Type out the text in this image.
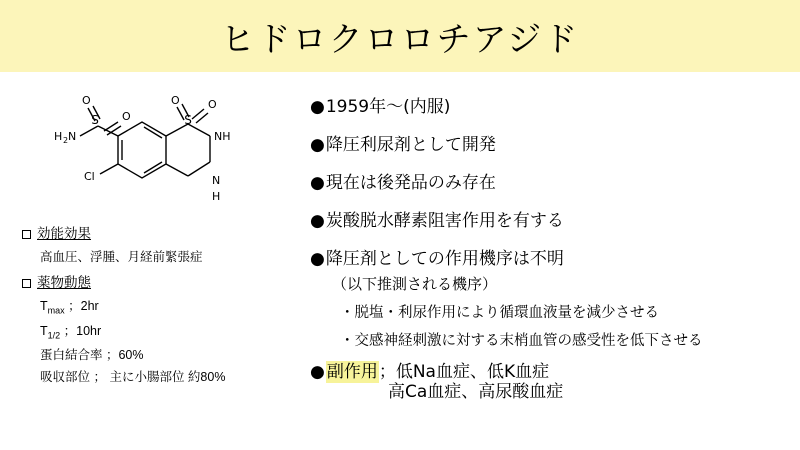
ヒドロクロロチアジド
H 2 N
S
O
O
Cl
S
O	O
NH
N
H
効能効果
高血圧、浮腫、月経前緊張症
薬物動態
$T_{max}$ ；2hr
$T_{1/2}$ ；10hr
蛋白結合率 ；60%
吸収部位 ； 主に小腸部位 約80%
● 1959年～(内服)
● 降圧利尿剤として開発
● 現在は後発品のみ存在
● 炭酸脱水酵素阻害作用を有する
● 降圧剤としての作用機序は不明
（以下推測される機序）
・脱塩・利尿作用により循環血液量を減少させる
・交感神経刺激に対する末梢血管の感受性を低下させる
● 副作用 ；低Na血症、低K血症
高Ca血症、高尿酸血症
